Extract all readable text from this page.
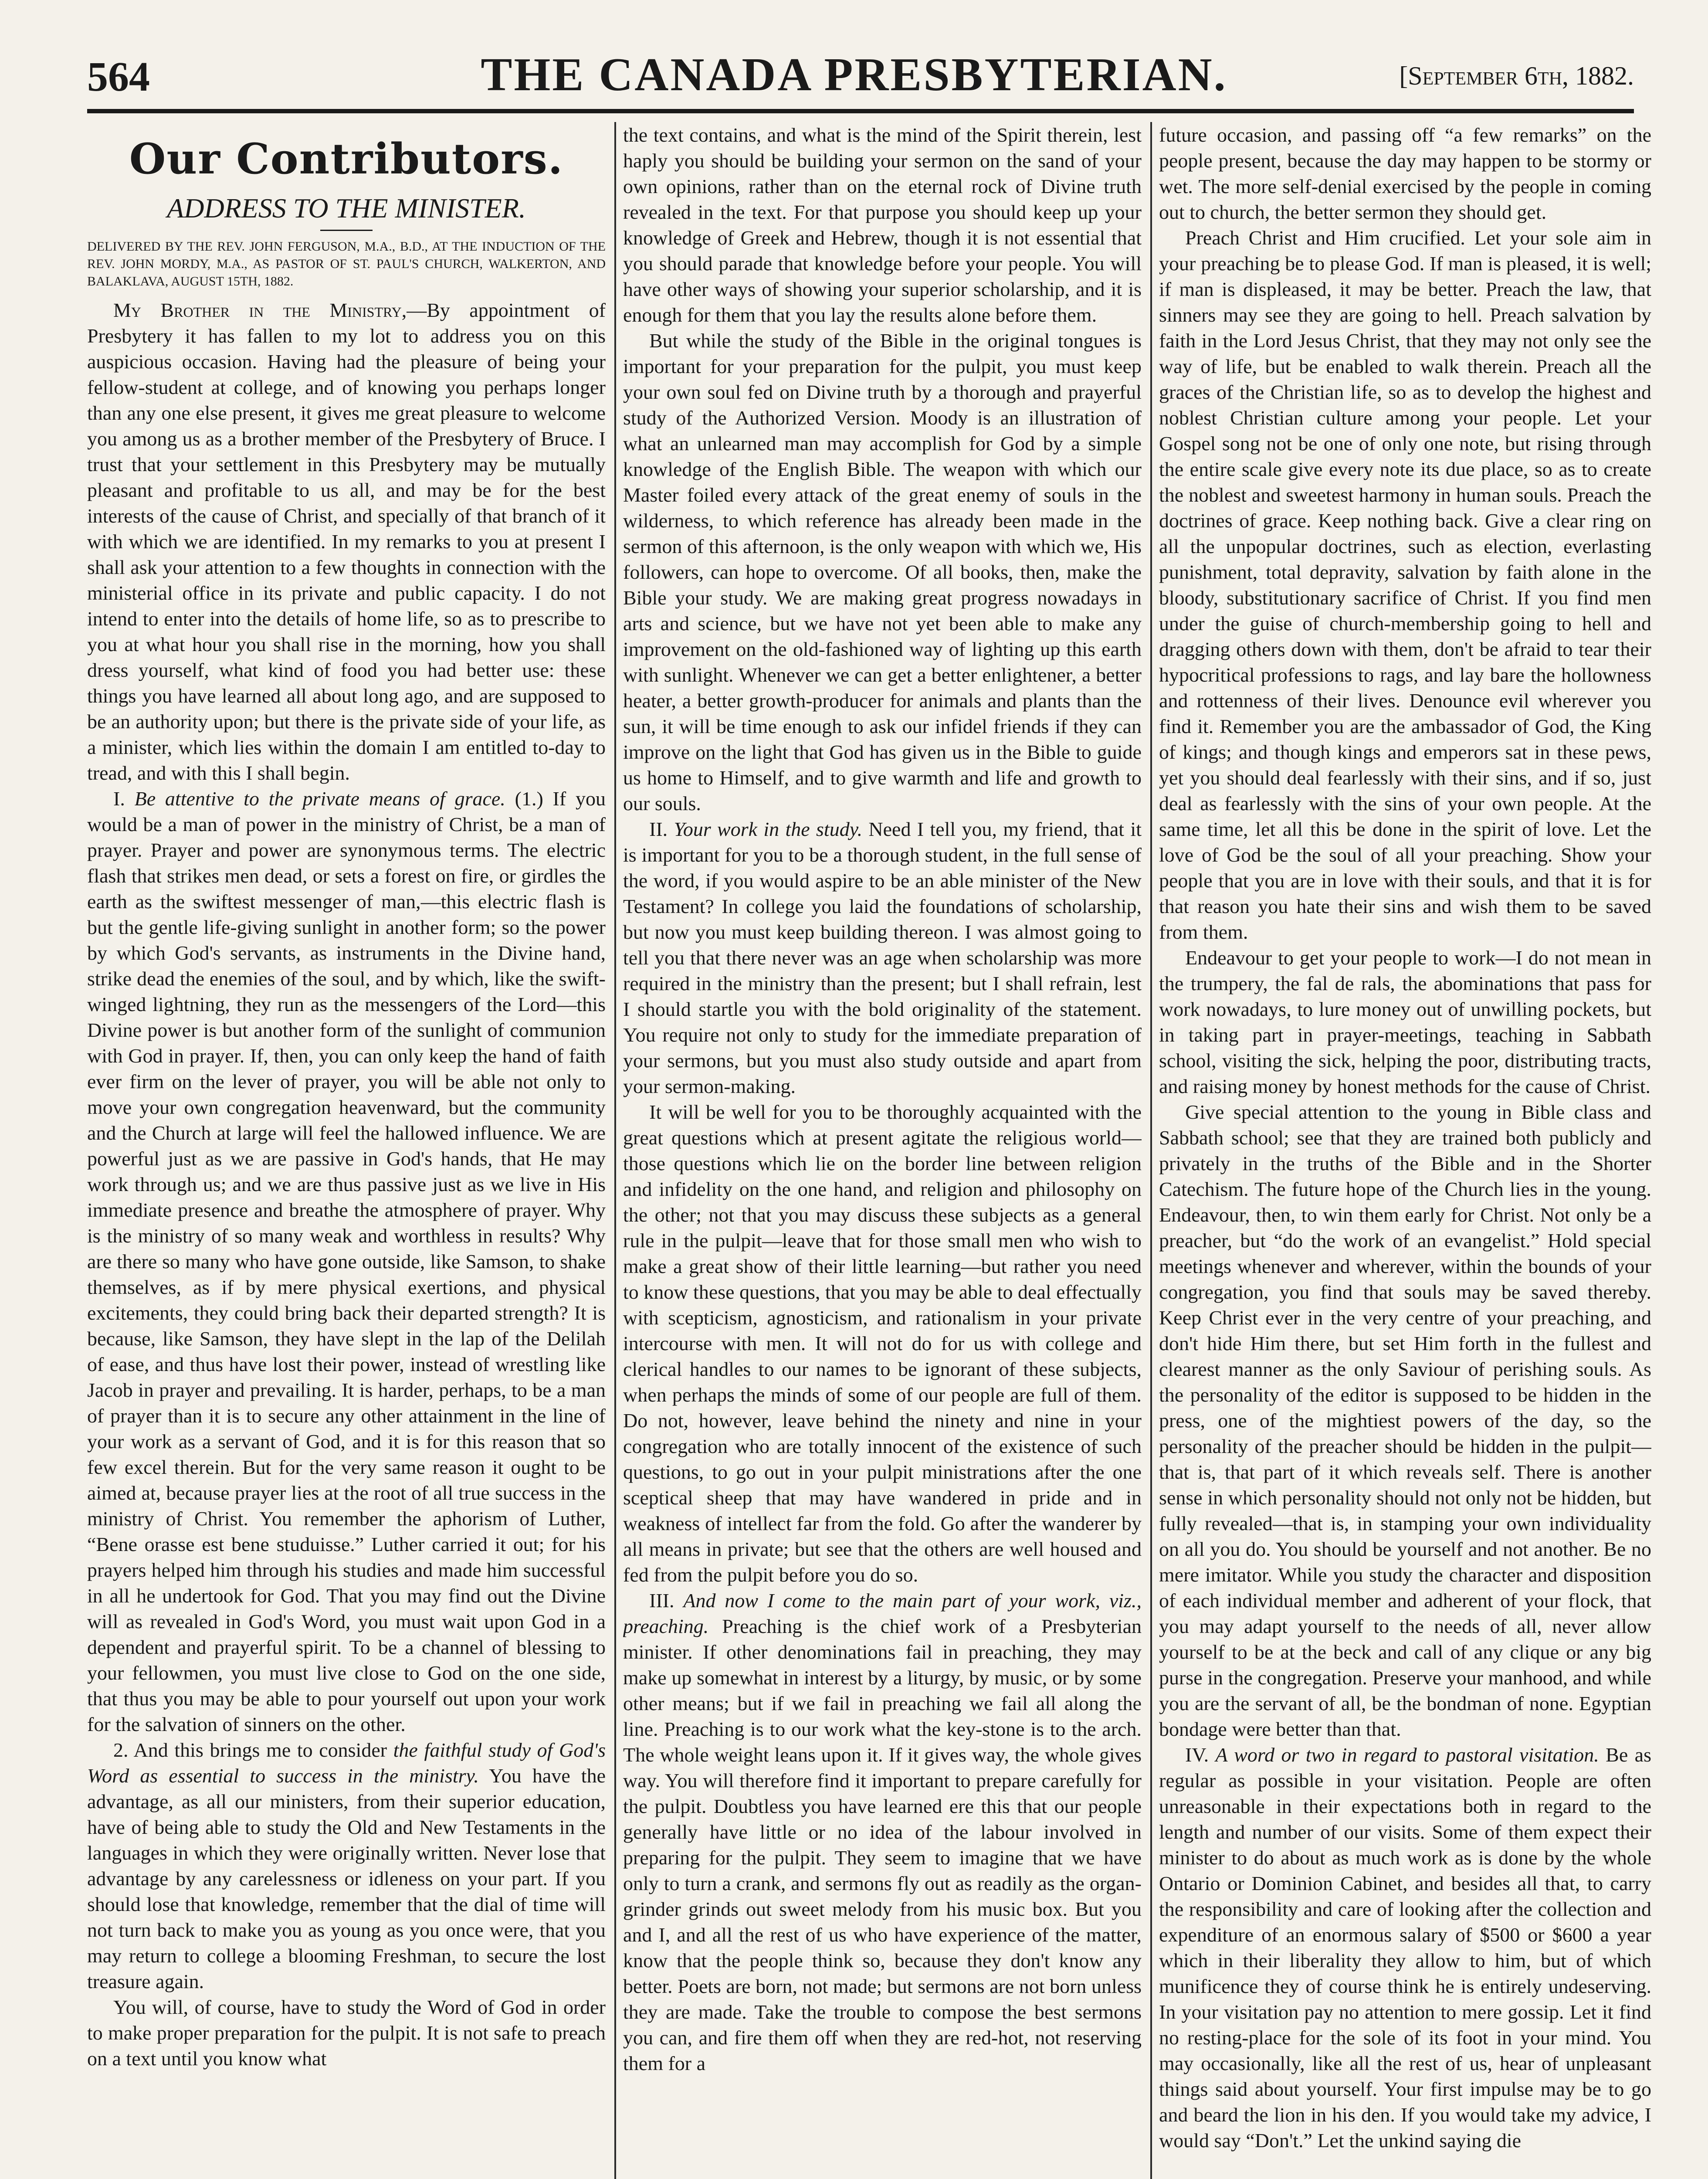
564	THE CANADA PRESBYTERIAN.	[September 6th, 1882.
Our Contributors.
ADDRESS TO THE MINISTER.
DELIVERED BY THE REV. JOHN FERGUSON, M.A., B.D., AT THE INDUCTION OF THE REV. JOHN MORDY, M.A., AS PASTOR OF ST. PAUL'S CHURCH, WALKERTON, AND BALAKLAVA, AUGUST 15TH, 1882.

My Brother in the Ministry,—By appointment of Presbytery it has fallen to my lot to address you on this auspicious occasion. Having had the pleasure of being your fellow-student at college, and of knowing you perhaps longer than any one else present, it gives me great pleasure to welcome you among us as a brother member of the Presbytery of Bruce. I trust that your settlement in this Presbytery may be mutually pleasant and profitable to us all, and may be for the best interests of the cause of Christ, and specially of that branch of it with which we are identified. In my remarks to you at present I shall ask your attention to a few thoughts in connection with the ministerial office in its private and public capacity. I do not intend to enter into the details of home life, so as to prescribe to you at what hour you shall rise in the morning, how you shall dress yourself, what kind of food you had better use: these things you have learned all about long ago, and are supposed to be an authority upon; but there is the private side of your life, as a minister, which lies within the domain I am entitled to-day to tread, and with this I shall begin.

I. Be attentive to the private means of grace. (1.) If you would be a man of power in the ministry of Christ, be a man of prayer. Prayer and power are synonymous terms. The electric flash that strikes men dead, or sets a forest on fire, or girdles the earth as the swiftest messenger of man,—this electric flash is but the gentle life-giving sunlight in another form; so the power by which God's servants, as instruments in the Divine hand, strike dead the enemies of the soul, and by which, like the swift-winged lightning, they run as the messengers of the Lord—this Divine power is but another form of the sunlight of communion with God in prayer. If, then, you can only keep the hand of faith ever firm on the lever of prayer, you will be able not only to move your own congregation heavenward, but the community and the Church at large will feel the hallowed influence. We are powerful just as we are passive in God's hands, that He may work through us; and we are thus passive just as we live in His immediate presence and breathe the atmosphere of prayer. Why is the ministry of so many weak and worthless in results? Why are there so many who have gone outside, like Samson, to shake themselves, as if by mere physical exertions, and physical excitements, they could bring back their departed strength? It is because, like Samson, they have slept in the lap of the Delilah of ease, and thus have lost their power, instead of wrestling like Jacob in prayer and prevailing. It is harder, perhaps, to be a man of prayer than it is to secure any other attainment in the line of your work as a servant of God, and it is for this reason that so few excel therein. But for the very same reason it ought to be aimed at, because prayer lies at the root of all true success in the ministry of Christ. You remember the aphorism of Luther, “Bene orasse est bene studuisse.” Luther carried it out; for his prayers helped him through his studies and made him successful in all he undertook for God. That you may find out the Divine will as revealed in God's Word, you must wait upon God in a dependent and prayerful spirit. To be a channel of blessing to your fellowmen, you must live close to God on the one side, that thus you may be able to pour yourself out upon your work for the salvation of sinners on the other.

2. And this brings me to consider the faithful study of God's Word as essential to success in the ministry. You have the advantage, as all our ministers, from their superior education, have of being able to study the Old and New Testaments in the languages in which they were originally written. Never lose that advantage by any carelessness or idleness on your part. If you should lose that knowledge, remember that the dial of time will not turn back to make you as young as you once were, that you may return to college a blooming Freshman, to secure the lost treasure again.

You will, of course, have to study the Word of God in order to make proper preparation for the pulpit. It is not safe to preach on a text until you know what

the text contains, and what is the mind of the Spirit therein, lest haply you should be building your sermon on the sand of your own opinions, rather than on the eternal rock of Divine truth revealed in the text. For that purpose you should keep up your knowledge of Greek and Hebrew, though it is not essential that you should parade that knowledge before your people. You will have other ways of showing your superior scholarship, and it is enough for them that you lay the results alone before them.

But while the study of the Bible in the original tongues is important for your preparation for the pulpit, you must keep your own soul fed on Divine truth by a thorough and prayerful study of the Authorized Version. Moody is an illustration of what an unlearned man may accomplish for God by a simple knowledge of the English Bible. The weapon with which our Master foiled every attack of the great enemy of souls in the wilderness, to which reference has already been made in the sermon of this afternoon, is the only weapon with which we, His followers, can hope to overcome. Of all books, then, make the Bible your study. We are making great progress nowadays in arts and science, but we have not yet been able to make any improvement on the old-fashioned way of lighting up this earth with sunlight. Whenever we can get a better enlightener, a better heater, a better growth-producer for animals and plants than the sun, it will be time enough to ask our infidel friends if they can improve on the light that God has given us in the Bible to guide us home to Himself, and to give warmth and life and growth to our souls.

II. Your work in the study. Need I tell you, my friend, that it is important for you to be a thorough student, in the full sense of the word, if you would aspire to be an able minister of the New Testament? In college you laid the foundations of scholarship, but now you must keep building thereon. I was almost going to tell you that there never was an age when scholarship was more required in the ministry than the present; but I shall refrain, lest I should startle you with the bold originality of the statement. You require not only to study for the immediate preparation of your sermons, but you must also study outside and apart from your sermon-making.

It will be well for you to be thoroughly acquainted with the great questions which at present agitate the religious world—those questions which lie on the border line between religion and infidelity on the one hand, and religion and philosophy on the other; not that you may discuss these subjects as a general rule in the pulpit—leave that for those small men who wish to make a great show of their little learning—but rather you need to know these questions, that you may be able to deal effectually with scepticism, agnosticism, and rationalism in your private intercourse with men. It will not do for us with college and clerical handles to our names to be ignorant of these subjects, when perhaps the minds of some of our people are full of them. Do not, however, leave behind the ninety and nine in your congregation who are totally innocent of the existence of such questions, to go out in your pulpit ministrations after the one sceptical sheep that may have wandered in pride and in weakness of intellect far from the fold. Go after the wanderer by all means in private; but see that the others are well housed and fed from the pulpit before you do so.

III. And now I come to the main part of your work, viz., preaching. Preaching is the chief work of a Presbyterian minister. If other denominations fail in preaching, they may make up somewhat in interest by a liturgy, by music, or by some other means; but if we fail in preaching we fail all along the line. Preaching is to our work what the key-stone is to the arch. The whole weight leans upon it. If it gives way, the whole gives way. You will therefore find it important to prepare carefully for the pulpit. Doubtless you have learned ere this that our people generally have little or no idea of the labour involved in preparing for the pulpit. They seem to imagine that we have only to turn a crank, and sermons fly out as readily as the organ-grinder grinds out sweet melody from his music box. But you and I, and all the rest of us who have experience of the matter, know that the people think so, because they don't know any better. Poets are born, not made; but sermons are not born unless they are made. Take the trouble to compose the best sermons you can, and fire them off when they are red-hot, not reserving them for a

future occasion, and passing off “a few remarks” on the people present, because the day may happen to be stormy or wet. The more self-denial exercised by the people in coming out to church, the better sermon they should get.

Preach Christ and Him crucified. Let your sole aim in your preaching be to please God. If man is pleased, it is well; if man is displeased, it may be better. Preach the law, that sinners may see they are going to hell. Preach salvation by faith in the Lord Jesus Christ, that they may not only see the way of life, but be enabled to walk therein. Preach all the graces of the Christian life, so as to develop the highest and noblest Christian culture among your people. Let your Gospel song not be one of only one note, but rising through the entire scale give every note its due place, so as to create the noblest and sweetest harmony in human souls. Preach the doctrines of grace. Keep nothing back. Give a clear ring on all the unpopular doctrines, such as election, everlasting punishment, total depravity, salvation by faith alone in the bloody, substitutionary sacrifice of Christ. If you find men under the guise of church-membership going to hell and dragging others down with them, don't be afraid to tear their hypocritical professions to rags, and lay bare the hollowness and rottenness of their lives. Denounce evil wherever you find it. Remember you are the ambassador of God, the King of kings; and though kings and emperors sat in these pews, yet you should deal fearlessly with their sins, and if so, just deal as fearlessly with the sins of your own people. At the same time, let all this be done in the spirit of love. Let the love of God be the soul of all your preaching. Show your people that you are in love with their souls, and that it is for that reason you hate their sins and wish them to be saved from them.

Endeavour to get your people to work—I do not mean in the trumpery, the fal de rals, the abominations that pass for work nowadays, to lure money out of unwilling pockets, but in taking part in prayer-meetings, teaching in Sabbath school, visiting the sick, helping the poor, distributing tracts, and raising money by honest methods for the cause of Christ.

Give special attention to the young in Bible class and Sabbath school; see that they are trained both publicly and privately in the truths of the Bible and in the Shorter Catechism. The future hope of the Church lies in the young. Endeavour, then, to win them early for Christ. Not only be a preacher, but “do the work of an evangelist.” Hold special meetings whenever and wherever, within the bounds of your congregation, you find that souls may be saved thereby. Keep Christ ever in the very centre of your preaching, and don't hide Him there, but set Him forth in the fullest and clearest manner as the only Saviour of perishing souls. As the personality of the editor is supposed to be hidden in the press, one of the mightiest powers of the day, so the personality of the preacher should be hidden in the pulpit—that is, that part of it which reveals self. There is another sense in which personality should not only not be hidden, but fully revealed—that is, in stamping your own individuality on all you do. You should be yourself and not another. Be no mere imitator. While you study the character and disposition of each individual member and adherent of your flock, that you may adapt yourself to the needs of all, never allow yourself to be at the beck and call of any clique or any big purse in the congregation. Preserve your manhood, and while you are the servant of all, be the bondman of none. Egyptian bondage were better than that.

IV. A word or two in regard to pastoral visitation. Be as regular as possible in your visitation. People are often unreasonable in their expectations both in regard to the length and number of our visits. Some of them expect their minister to do about as much work as is done by the whole Ontario or Dominion Cabinet, and besides all that, to carry the responsibility and care of looking after the collection and expenditure of an enormous salary of $500 or $600 a year which in their liberality they allow to him, but of which munificence they of course think he is entirely undeserving. In your visitation pay no attention to mere gossip. Let it find no resting-place for the sole of its foot in your mind. You may occasionally, like all the rest of us, hear of unpleasant things said about yourself. Your first impulse may be to go and beard the lion in his den. If you would take my advice, I would say “Don't.” Let the unkind saying die
